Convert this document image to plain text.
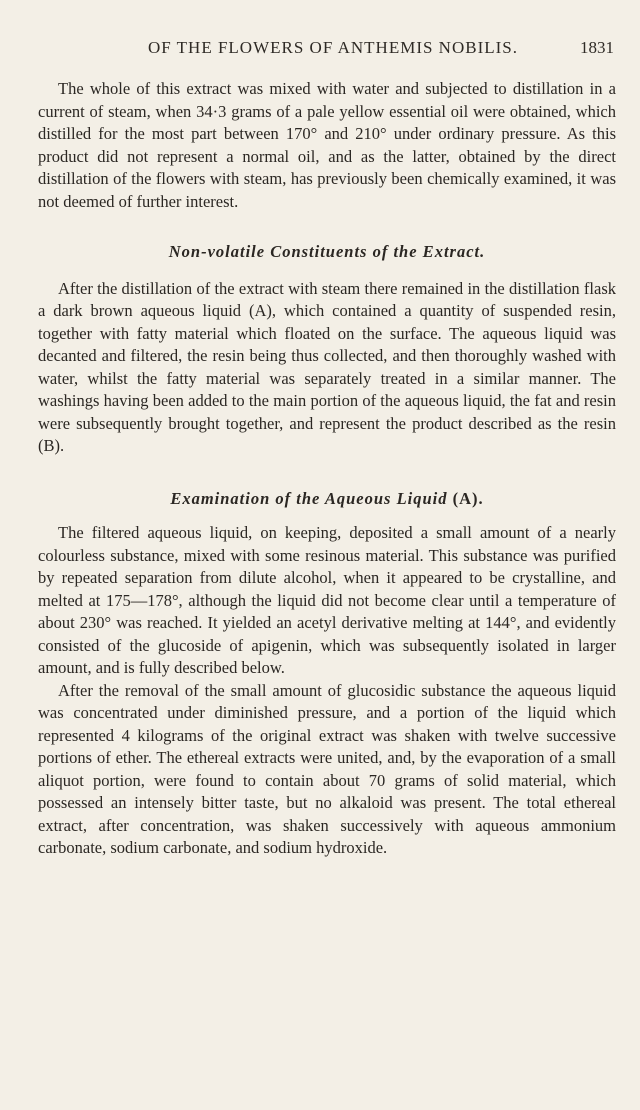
OF THE FLOWERS OF ANTHEMIS NOBILIS.	1831

The whole of this extract was mixed with water and subjected to distillation in a current of steam, when 34·3 grams of a pale yellow essential oil were obtained, which distilled for the most part between 170° and 210° under ordinary pressure. As this product did not represent a normal oil, and as the latter, obtained by the direct distillation of the flowers with steam, has previously been chemically examined, it was not deemed of further interest.

Non-volatile Constituents of the Extract.

After the distillation of the extract with steam there remained in the distillation flask a dark brown aqueous liquid (A), which contained a quantity of suspended resin, together with fatty material which floated on the surface. The aqueous liquid was decanted and filtered, the resin being thus collected, and then thoroughly washed with water, whilst the fatty material was separately treated in a similar manner. The washings having been added to the main portion of the aqueous liquid, the fat and resin were subsequently brought together, and represent the product described as the resin (B).

Examination of the Aqueous Liquid (A).

The filtered aqueous liquid, on keeping, deposited a small amount of a nearly colourless substance, mixed with some resinous material. This substance was purified by repeated separation from dilute alcohol, when it appeared to be crystalline, and melted at 175—178°, although the liquid did not become clear until a temperature of about 230° was reached. It yielded an acetyl derivative melting at 144°, and evidently consisted of the glucoside of apigenin, which was subsequently isolated in larger amount, and is fully described below.

After the removal of the small amount of glucosidic substance the aqueous liquid was concentrated under diminished pressure, and a portion of the liquid which represented 4 kilograms of the original extract was shaken with twelve successive portions of ether. The ethereal extracts were united, and, by the evaporation of a small aliquot portion, were found to contain about 70 grams of solid material, which possessed an intensely bitter taste, but no alkaloid was present. The total ethereal extract, after concentration, was shaken successively with aqueous ammonium carbonate, sodium carbonate, and sodium hydroxide.
